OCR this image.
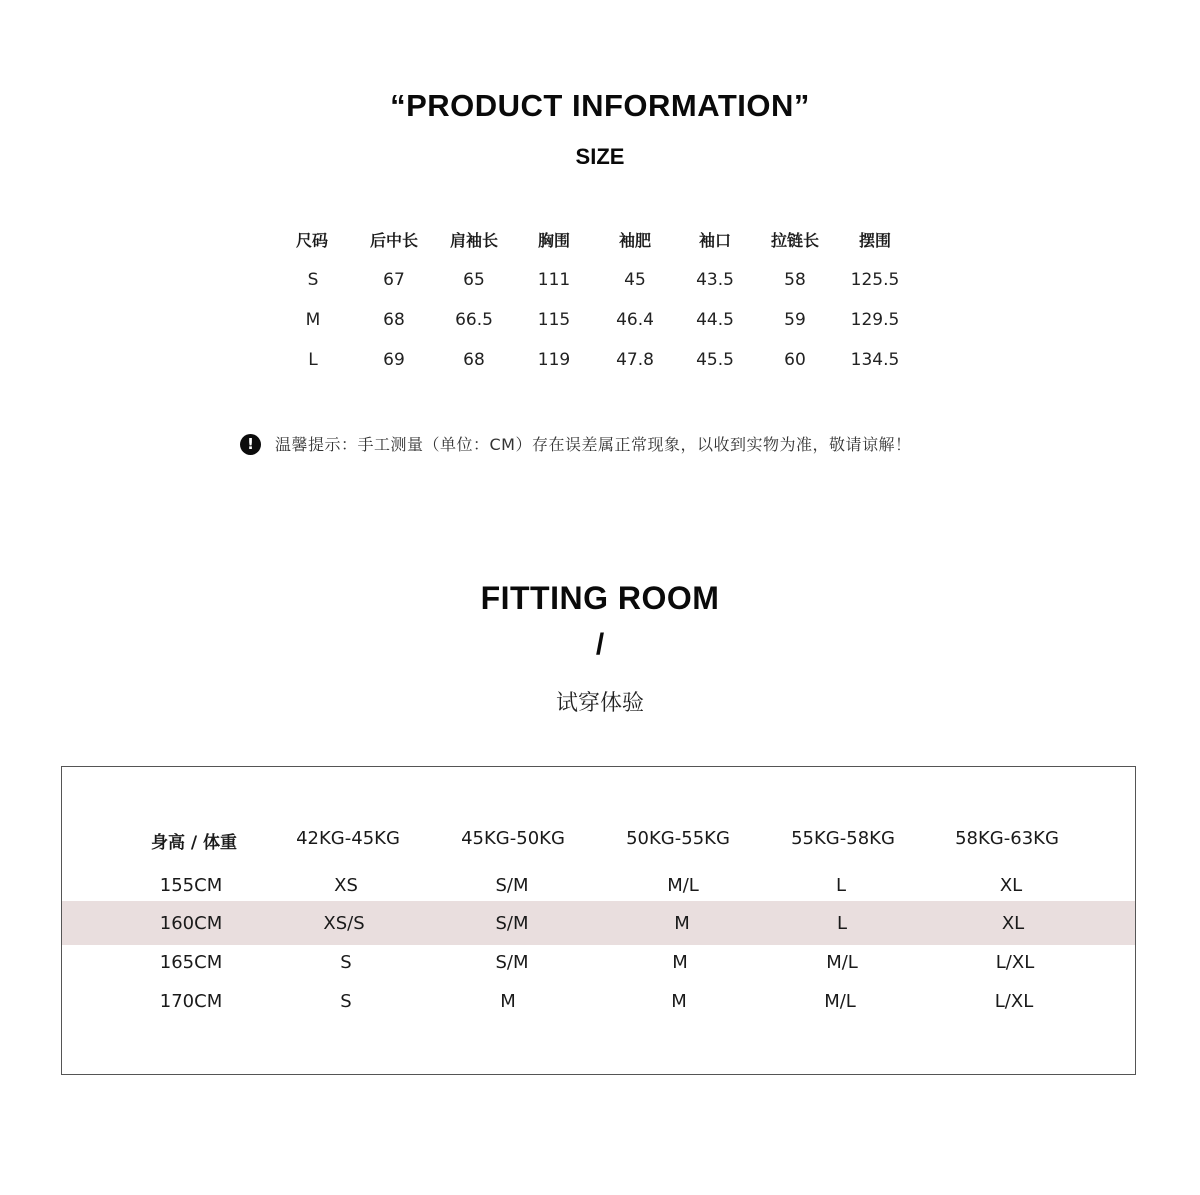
“PRODUCT INFORMATION”
SIZE
尺码	后中长	肩袖长	胸围	袖肥	袖口	拉链长	摆围
S	67	65	111	45	43.5	58	125.5
M	68	66.5	115	46.4	44.5	59	129.5
L	69	68	119	47.8	45.5	60	134.5
!	温馨提示：手工测量（单位：CM）存在误差属正常现象，以收到实物为准，敬请谅解！
FITTING ROOM
/
试穿体验
身高 / 体重	42KG-45KG	45KG-50KG	50KG-55KG	55KG-58KG	58KG-63KG
155CM	XS	S/M	M/L	L	XL
160CM	XS/S	S/M	M	L	XL
165CM	S	S/M	M	M/L	L/XL
170CM	S	M	M	M/L	L/XL
